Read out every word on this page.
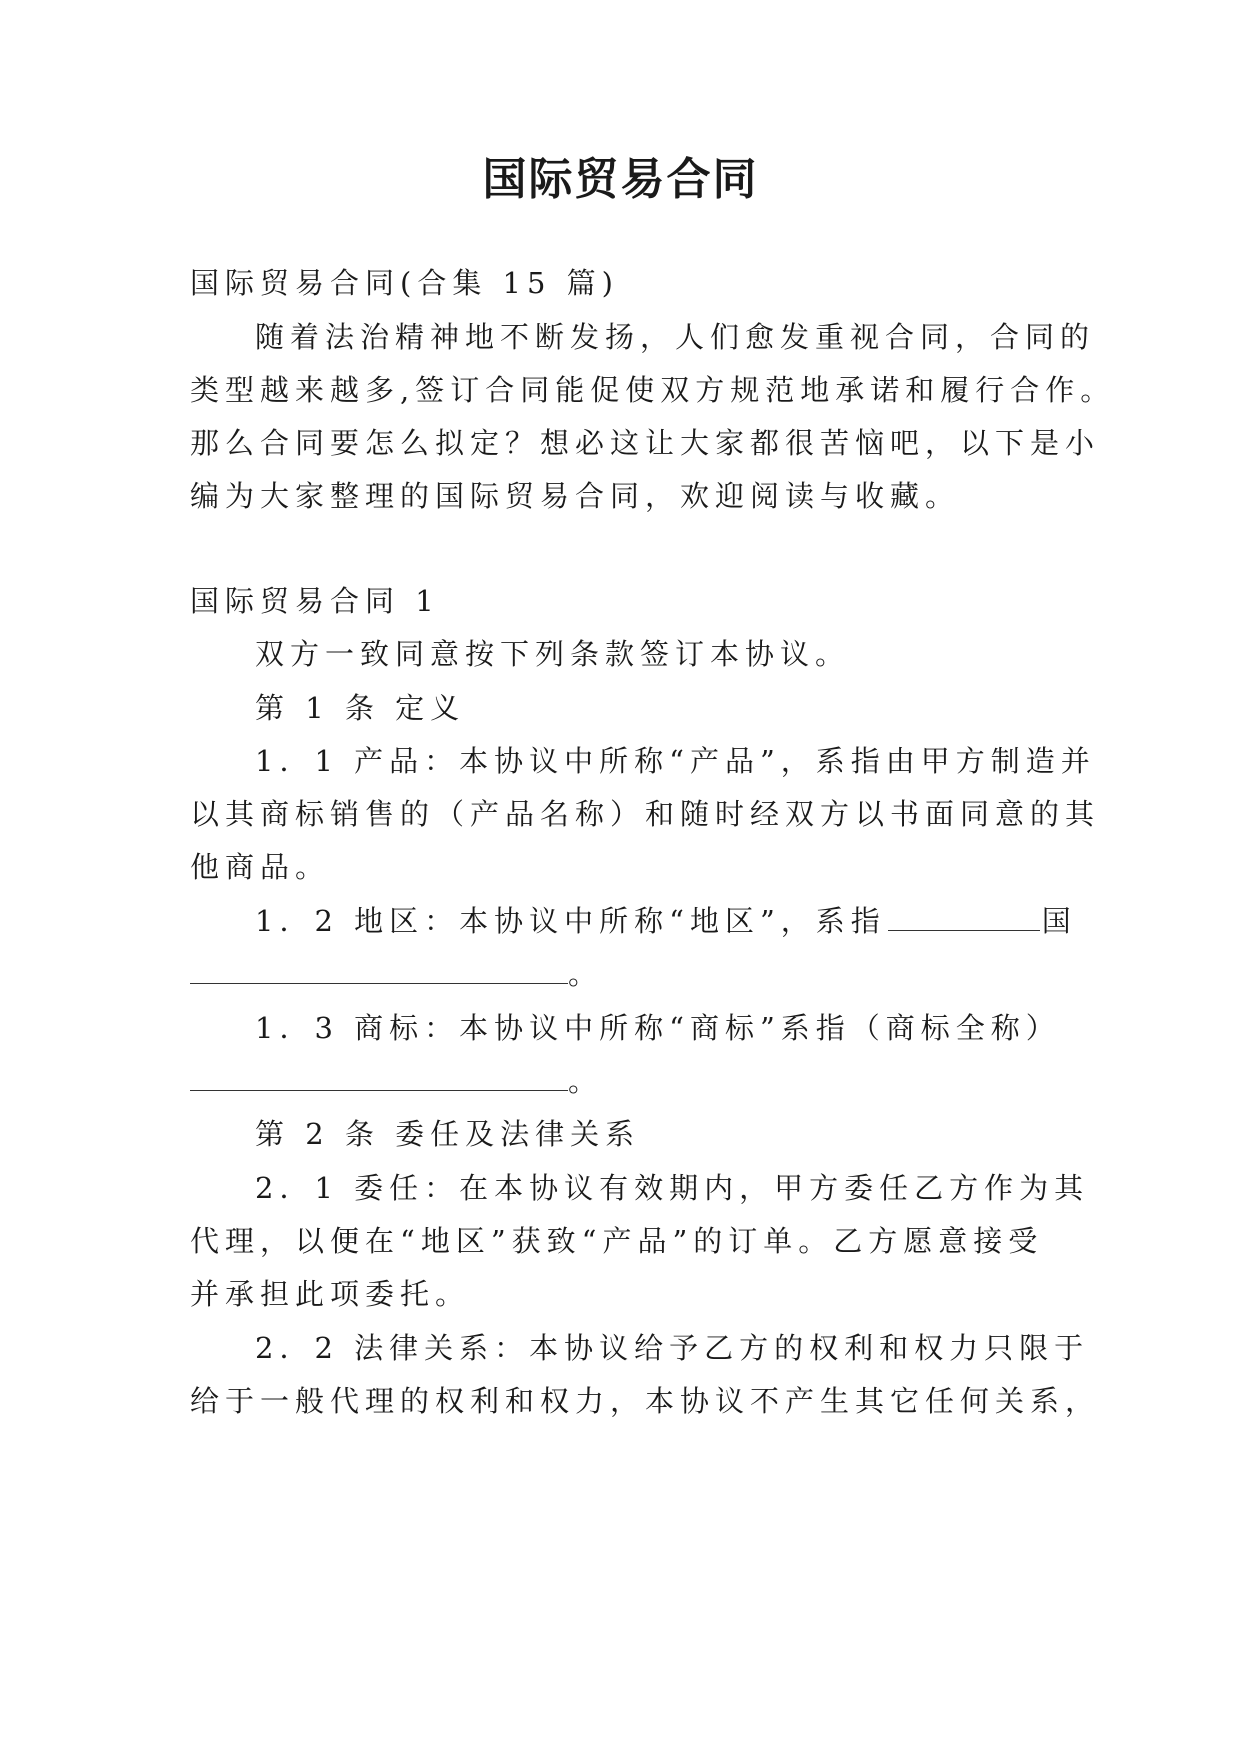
国际贸易合同
国际贸易合同(合集 15 篇)
随着法治精神地不断发扬，人们愈发重视合同，合同的
类型越来越多,签订合同能促使双方规范地承诺和履行合作。
那么合同要怎么拟定？想必这让大家都很苦恼吧，以下是小
编为大家整理的国际贸易合同，欢迎阅读与收藏。
国际贸易合同 1
双方一致同意按下列条款签订本协议。
第 1 条 定义
1．1 产品：本协议中所称“产品”，系指由甲方制造并
以其商标销售的（产品名称）和随时经双方以书面同意的其
他商品。
1．2 地区：本协议中所称“地区”，系指	国
。
1．3 商标：本协议中所称“商标”系指（商标全称）
。
第 2 条 委任及法律关系
2．1 委任：在本协议有效期内，甲方委任乙方作为其
代理，以便在“地区”获致“产品”的订单。乙方愿意接受
并承担此项委托。
2．2 法律关系：本协议给予乙方的权利和权力只限于
给于一般代理的权利和权力，本协议不产生其它任何关系，
